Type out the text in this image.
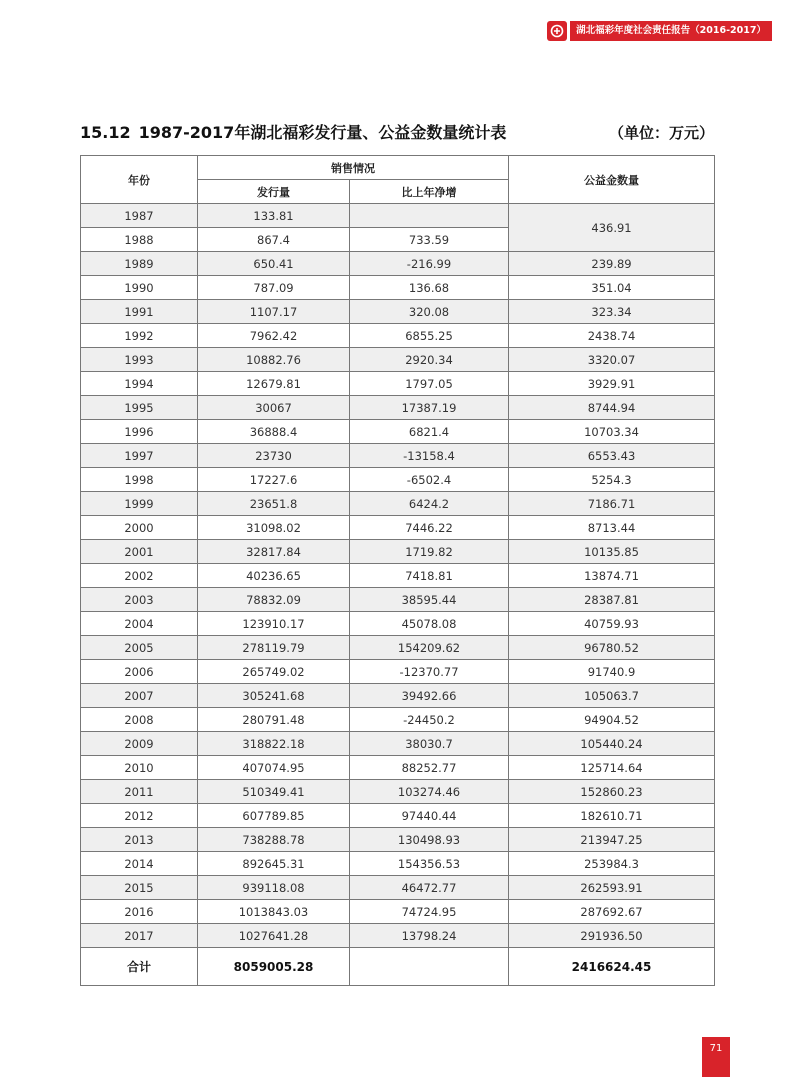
湖北福彩年度社会责任报告（2016-2017）
15.12 1987-2017年湖北福彩发行量、公益金数量统计表	（单位：万元）
年份	销售情况		公益金数量
	发行量	比上年净增	
1987	133.81		436.91
1988	867.4	733.59	
1989	650.41	-216.99	239.89
1990	787.09	136.68	351.04
1991	1107.17	320.08	323.34
1992	7962.42	6855.25	2438.74
1993	10882.76	2920.34	3320.07
1994	12679.81	1797.05	3929.91
1995	30067	17387.19	8744.94
1996	36888.4	6821.4	10703.34
1997	23730	-13158.4	6553.43
1998	17227.6	-6502.4	5254.3
1999	23651.8	6424.2	7186.71
2000	31098.02	7446.22	8713.44
2001	32817.84	1719.82	10135.85
2002	40236.65	7418.81	13874.71
2003	78832.09	38595.44	28387.81
2004	123910.17	45078.08	40759.93
2005	278119.79	154209.62	96780.52
2006	265749.02	-12370.77	91740.9
2007	305241.68	39492.66	105063.7
2008	280791.48	-24450.2	94904.52
2009	318822.18	38030.7	105440.24
2010	407074.95	88252.77	125714.64
2011	510349.41	103274.46	152860.23
2012	607789.85	97440.44	182610.71
2013	738288.78	130498.93	213947.25
2014	892645.31	154356.53	253984.3
2015	939118.08	46472.77	262593.91
2016	1013843.03	74724.95	287692.67
2017	1027641.28	13798.24	291936.50
合计	8059005.28		2416624.45
71
